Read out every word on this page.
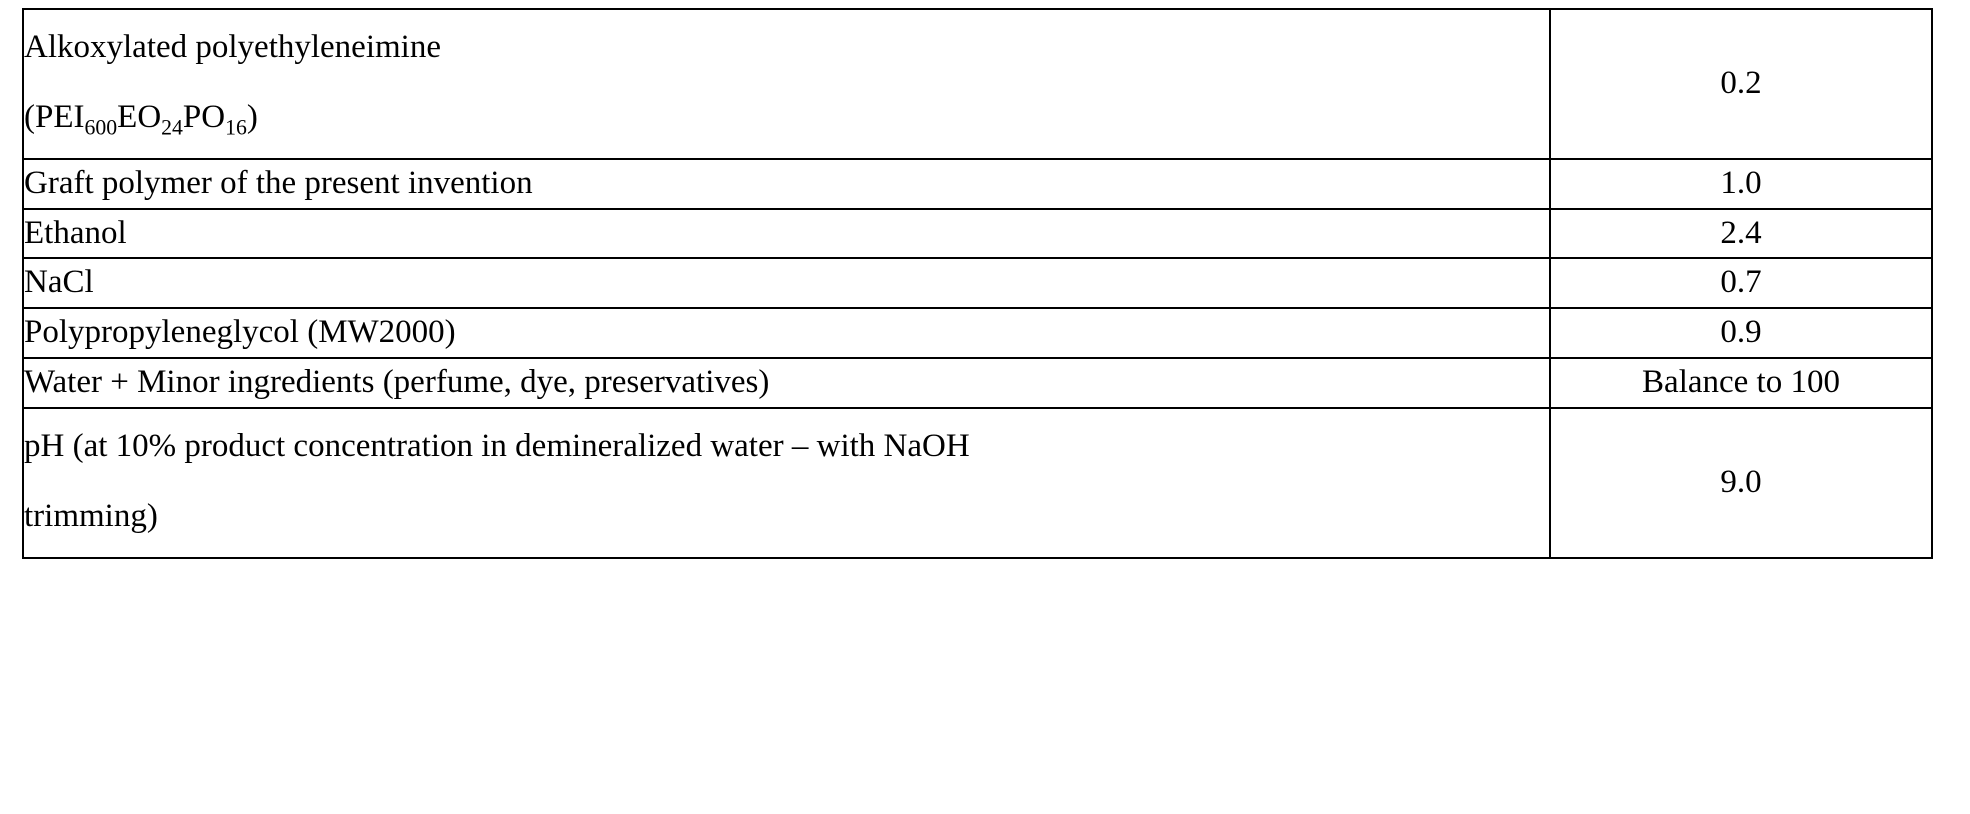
Alkoxylated polyethyleneimine
$(PEI_{600}EO_{24}PO_{16})$	0.2
Graft polymer of the present invention	1.0
Ethanol	2.4
NaCl	0.7
Polypropyleneglycol (MW2000)	0.9
Water + Minor ingredients (perfume, dye, preservatives)	Balance to 100

pH (at 10% product concentration in demineralized water – with NaOH
trimming)	9.0
